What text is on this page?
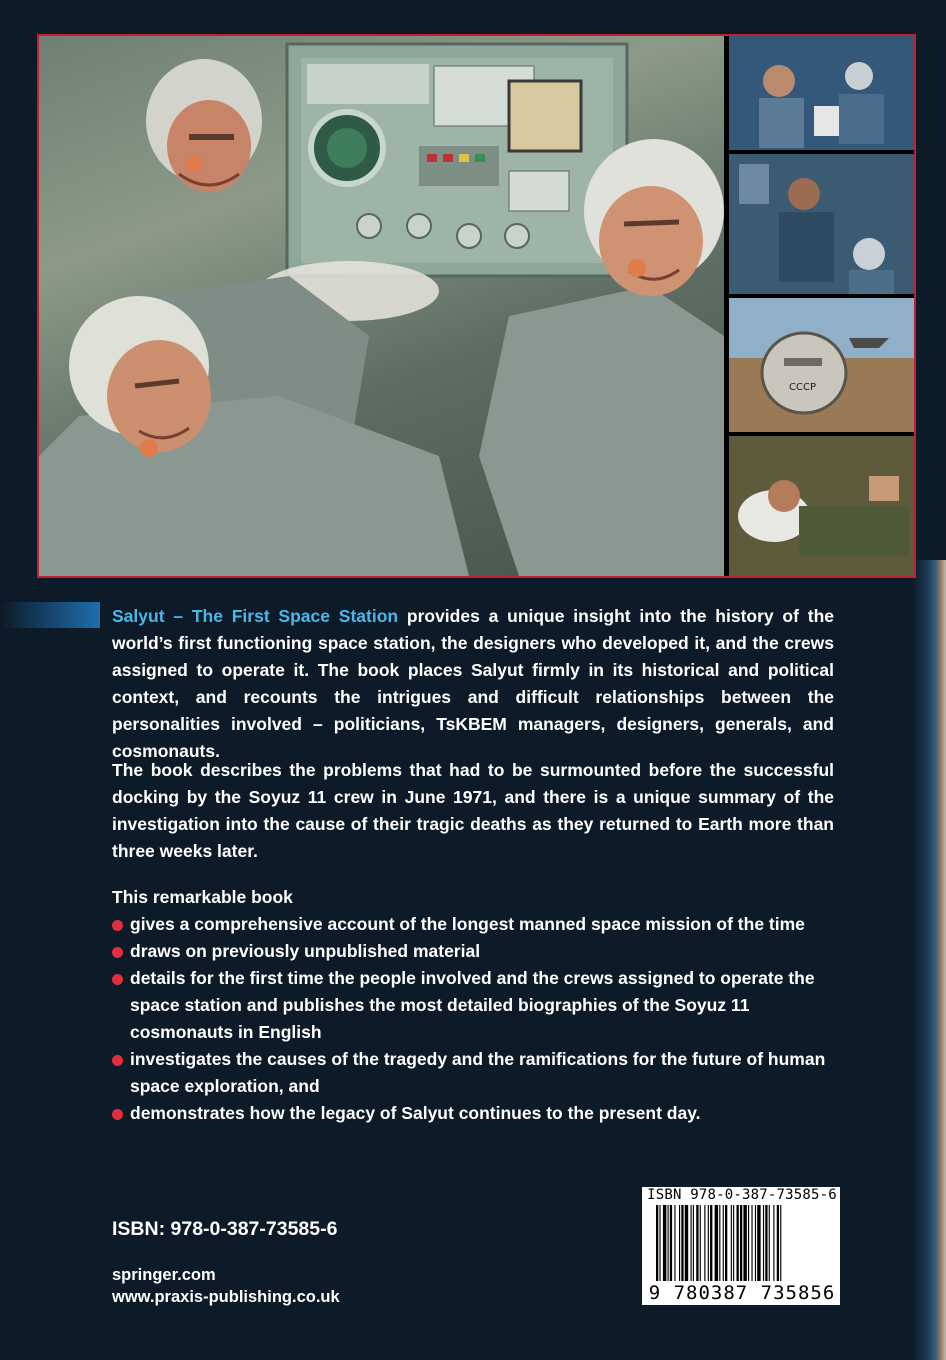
CCCP
Salyut – The First Space Station provides a unique insight into the history of the world’s first functioning space station, the designers who developed it, and the crews assigned to operate it. The book places Salyut firmly in its historical and political context, and recounts the intrigues and difficult relationships between the personalities involved – politicians, TsKBEM managers, designers, generals, and cosmonauts.
The book describes the problems that had to be surmounted before the successful docking by the Soyuz 11 crew in June 1971, and there is a unique summary of the investigation into the cause of their tragic deaths as they returned to Earth more than three weeks later.
This remarkable book
gives a comprehensive account of the longest manned space mission of the time
draws on previously unpublished material
details for the first time the people involved and the crews assigned to operate the space station and publishes the most detailed biographies of the Soyuz 11 cosmonauts in English
investigates the causes of the tragedy and the ramifications for the future of human space exploration, and
demonstrates how the legacy of Salyut continues to the present day.
ISBN: 978-0-387-73585-6
springer.com
www.praxis-publishing.co.uk
ISBN 978-0-387-73585-6
9 780387 735856
